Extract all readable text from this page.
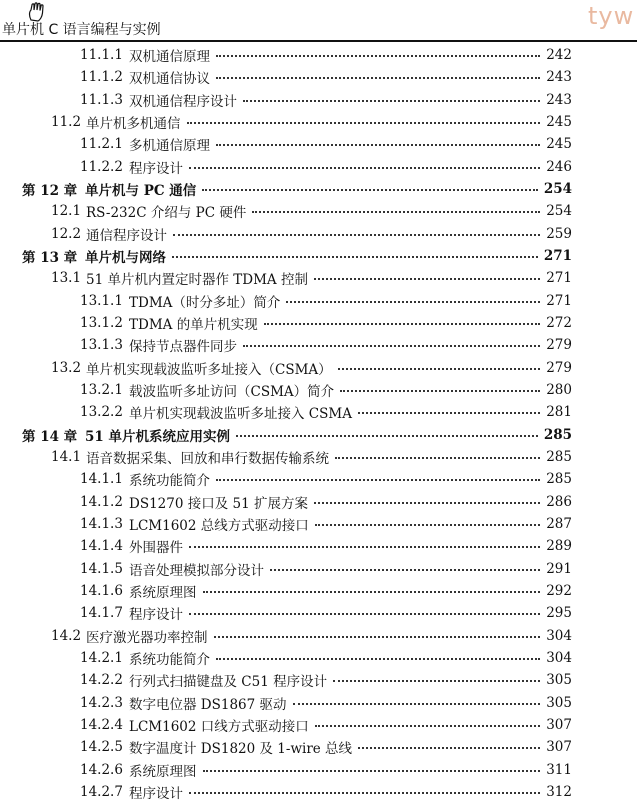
单片机 C 语言编程与实例	tyw
11.1.1 双机通信原理	242
11.1.2 双机通信协议	243
11.1.3 双机通信程序设计	243
11.2 单片机多机通信	245
11.2.1 多机通信原理	245
11.2.2 程序设计	246
第 12 章 单片机与 PC 通信	254
12.1 RS-232C 介绍与 PC 硬件	254
12.2 通信程序设计	259
第 13 章 单片机与网络	271
13.1 51 单片机内置定时器作 TDMA 控制	271
13.1.1 TDMA（时分多址）简介	271
13.1.2 TDMA 的单片机实现	272
13.1.3 保持节点器件同步	279
13.2 单片机实现载波监听多址接入（CSMA）	279
13.2.1 载波监听多址访问（CSMA）简介	280
13.2.2 单片机实现载波监听多址接入 CSMA	281
第 14 章 51 单片机系统应用实例	285
14.1 语音数据采集、回放和串行数据传输系统	285
14.1.1 系统功能简介	285
14.1.2 DS1270 接口及 51 扩展方案	286
14.1.3 LCM1602 总线方式驱动接口	287
14.1.4 外围器件	289
14.1.5 语音处理模拟部分设计	291
14.1.6 系统原理图	292
14.1.7 程序设计	295
14.2 医疗激光器功率控制	304
14.2.1 系统功能简介	304
14.2.2 行列式扫描键盘及 C51 程序设计	305
14.2.3 数字电位器 DS1867 驱动	305
14.2.4 LCM1602 口线方式驱动接口	307
14.2.5 数字温度计 DS1820 及 1-wire 总线	307
14.2.6 系统原理图	311
14.2.7 程序设计	312
